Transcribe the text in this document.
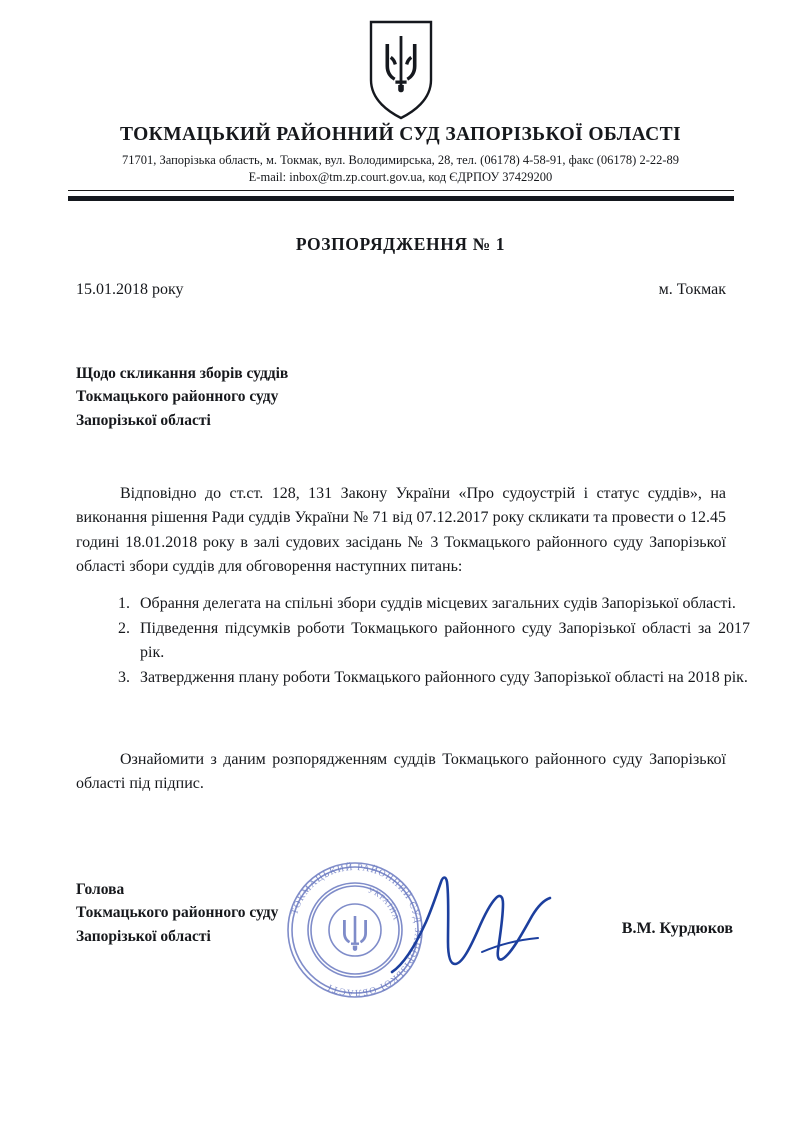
ТОКМАЦЬКИЙ РАЙОННИЙ СУД ЗАПОРІЗЬКОЇ ОБЛАСТІ
71701, Запорізька область, м. Токмак, вул. Володимирська, 28, тел. (06178) 4-58-91, факс (06178) 2-22-89
E-mail: inbox@tm.zp.court.gov.ua, код ЄДРПОУ 37429200
РОЗПОРЯДЖЕННЯ № 1
15.01.2018 року	м. Токмак
Щодо скликання зборів суддів
Токмацького районного суду
Запорізької області
Відповідно до ст.ст. 128, 131 Закону України «Про судоустрій і статус суддів», на виконання рішення Ради суддів України № 71 від 07.12.2017 року скликати та провести о 12.45 годині 18.01.2018 року в залі судових засідань № 3 Токмацького районного суду Запорізької області збори суддів для обговорення наступних питань:
1. Обрання делегата на спільні збори суддів місцевих загальних судів Запорізької області.
2. Підведення підсумків роботи Токмацького районного суду Запорізької області за 2017 рік.
3. Затвердження плану роботи Токмацького районного суду Запорізької області на 2018 рік.
Ознайомити з даним розпорядженням суддів Токмацького районного суду Запорізької області під підпис.
Голова
Токмацького районного суду
Запорізької області	В.М. Курдюков
ТОКМАЦЬКИЙ РАЙОННИЙ СУД ЗАПОРІЗЬКОЇ ОБЛАСТІ
УКРАЇНА
